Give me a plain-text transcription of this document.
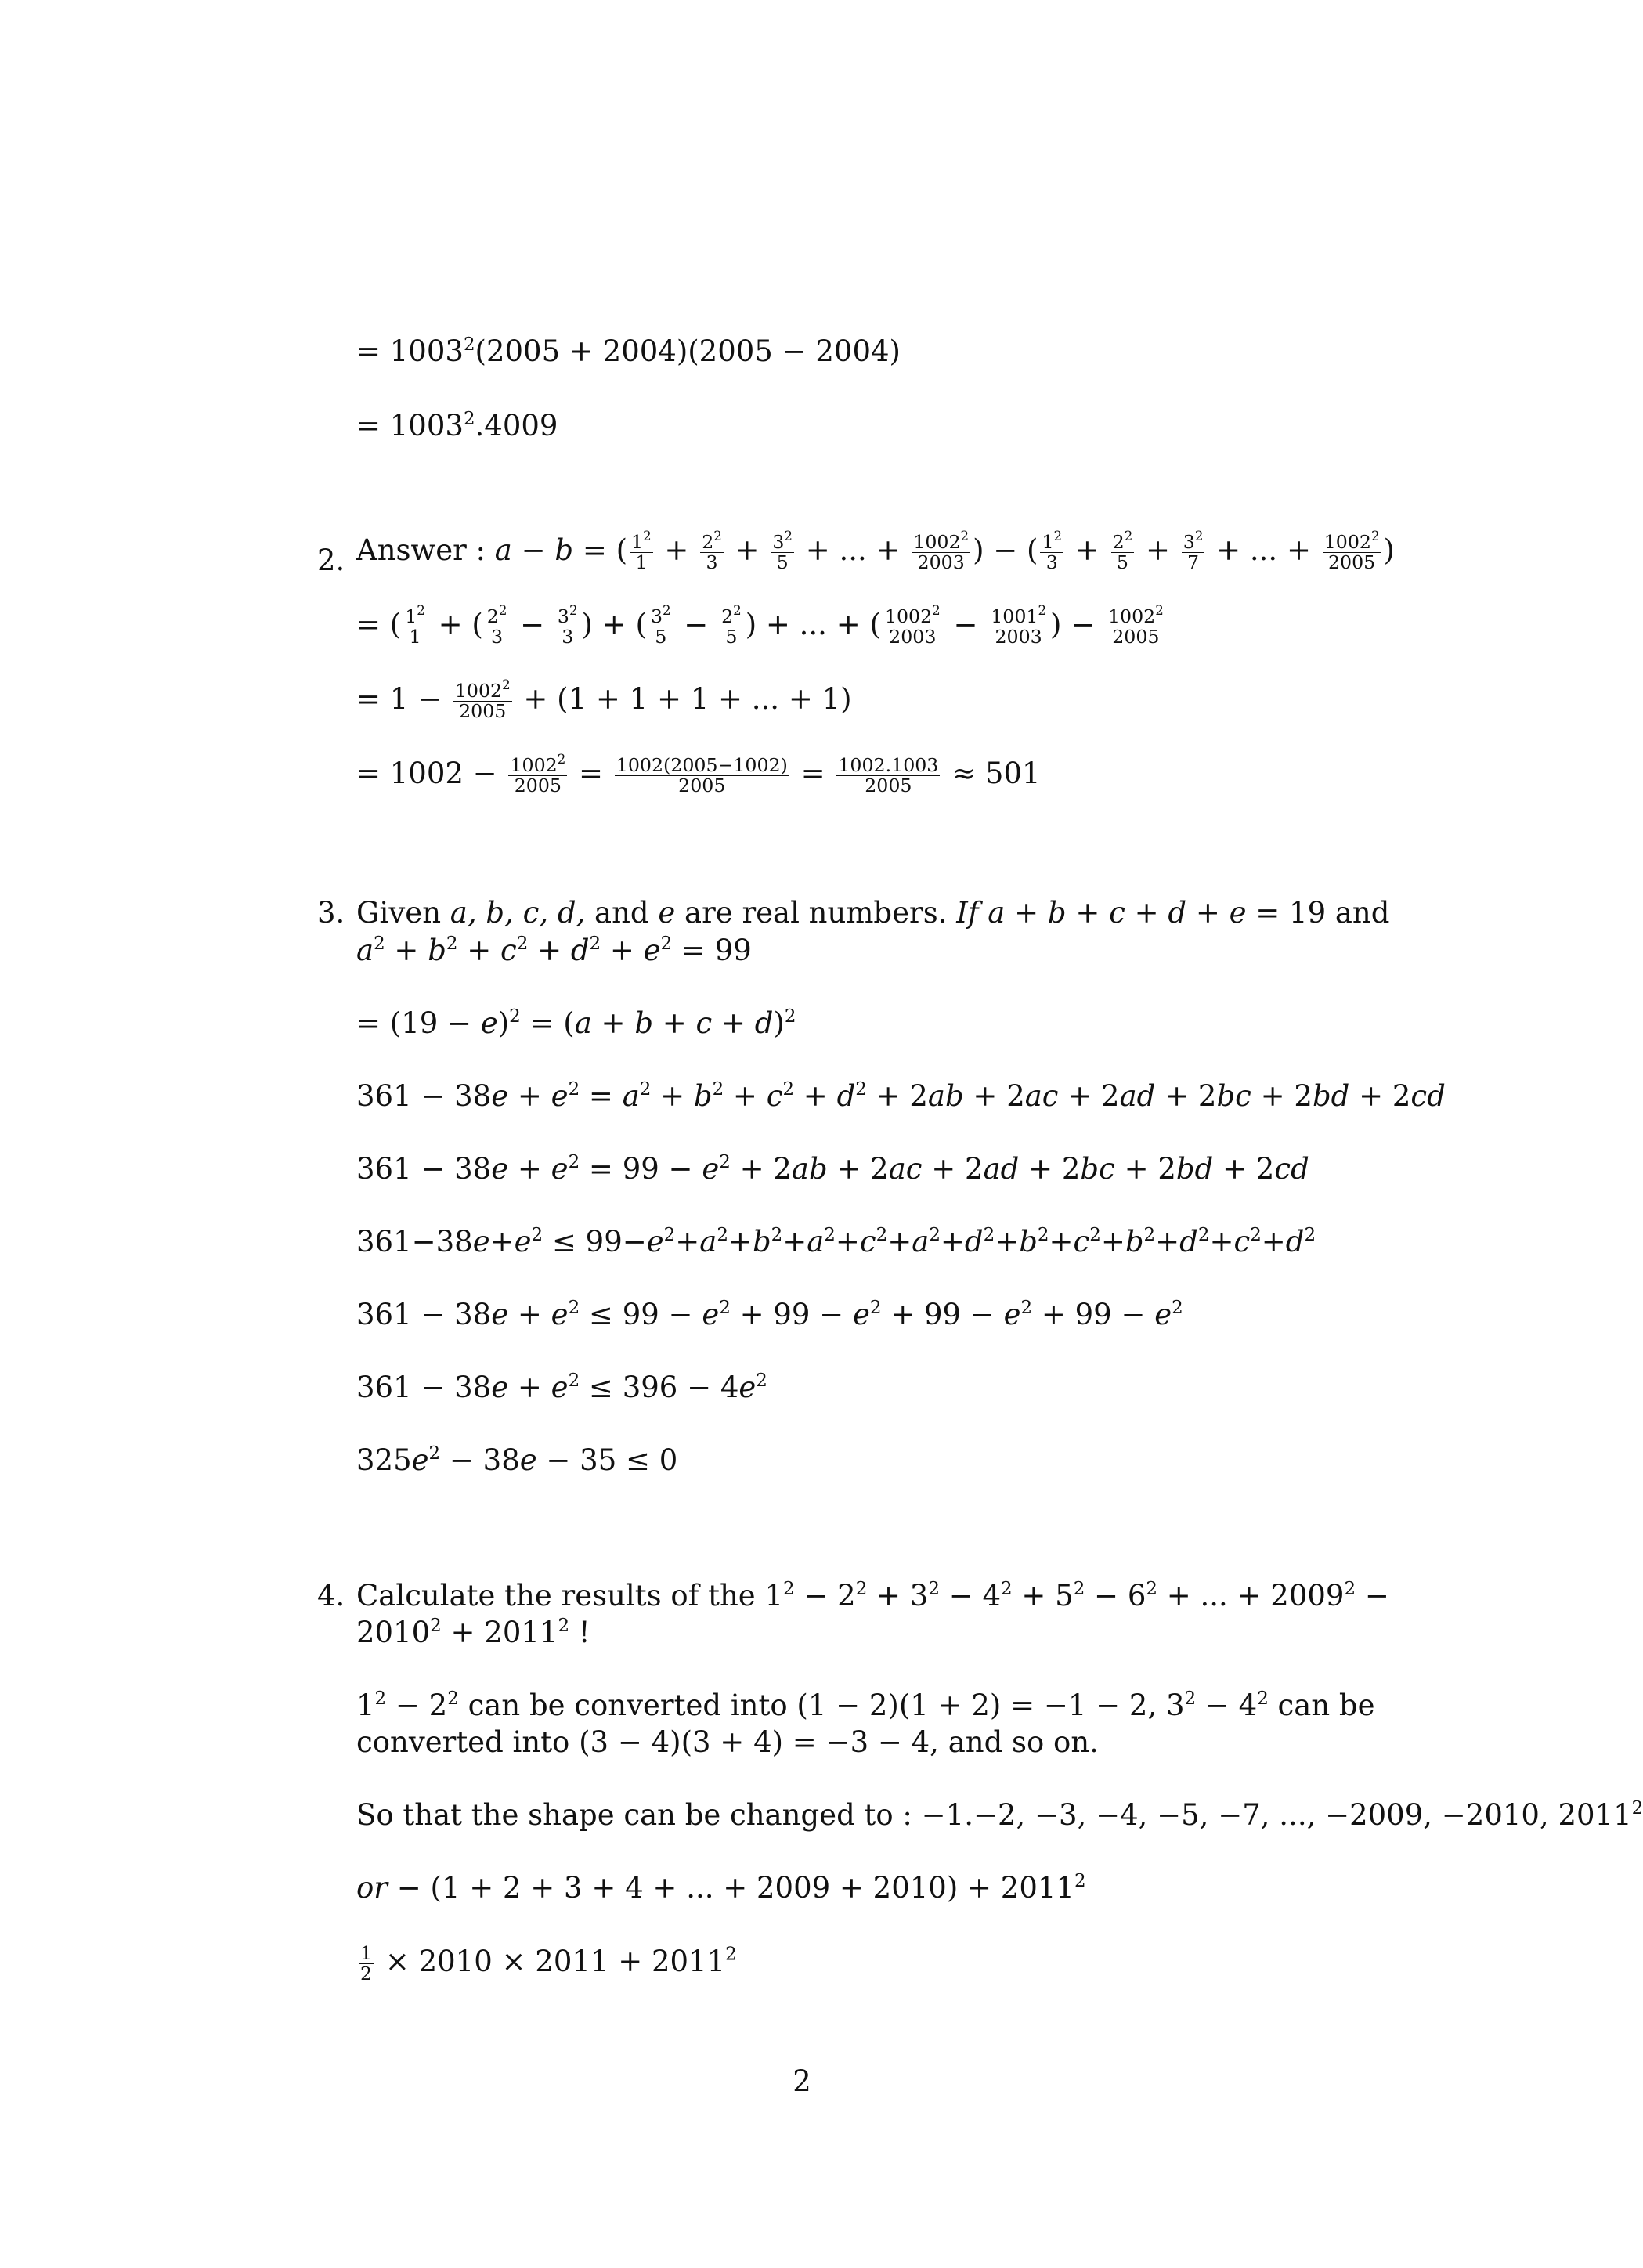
= $1003^2(2005 + 2004)(2005 - 2004)$
= $1003^2.4009$
2. Answer : a − b = ( $\frac{1^2}{1} + \frac{2^2}{3} + \frac{3^2}{5}$ + ... + $\frac{1002^2}{2003}$ ) − ( $\frac{1^2}{3} + \frac{2^2}{5} + \frac{3^2}{7}$ + ... + $\frac{1002^2}{2005}$ )
= ( $\frac{1^2}{1}$ + ( $\frac{2^2}{3} - \frac{3^2}{3}$ ) + ( $\frac{3^2}{5} - \frac{2^2}{5}$ ) + ... + ( $\frac{1002^2}{2003} - \frac{1001^2}{2003}$ ) − $\frac{1002^2}{2005}$
= $1 - \frac{1002^2}{2005} + (1 + 1 + 1$ + ... + 1)
= $1002 - \frac{1002^2}{2005} = \frac{1002(2005-1002)}{2005} = \frac{1002.1003}{2005} \approx 501$
3. Given a, b, c, d, and e are real numbers. If a + b + c + d + e = 19 and
$a^2 + b^2 + c^2 + d^2 + e^2 = 99$
= $(19 - e)^2 = (a + b + c + d)^2$
$361 - 38e + e^2 = a^2 + b^2 + c^2 + d^2 + 2ab + 2ac + 2ad + 2bc + 2bd + 2cd$
$361 - 38e + e^2 = 99 - e^2 + 2ab + 2ac + 2ad + 2bc + 2bd + 2cd$
$361-38e+e^2 \le 99-e^2+a^2+b^2+a^2+c^2+a^2+d^2+b^2+c^2+b^2+d^2+c^2+d^2$
$361 - 38e + e^2 \le 99 - e^2 + 99 - e^2 + 99 - e^2 + 99 - e^2$
$361 - 38e + e^2 \le 396 - 4e^2$
$325e^2 - 38e - 35 \le 0$
4. Calculate the results of the $1^2 - 2^2 + 3^2 - 4^2 + 5^2 - 6^2$ + ... + $2009^2$ −
$2010^2 + 2011^2$ !
$1^2 - 2^2$ can be converted into (1 − 2)(1 + 2) = −1 − 2, $3^2 - 4^2$ can be
converted into (3 − 4)(3 + 4) = −3 − 4, and so on.
So that the shape can be changed to : −1.−2, −3, −4, −5, −7, ..., −2009, −2010, 2011$^2$
or − (1 + 2 + 3 + 4 + ... + $2009 + 2010) + 2011^2$
$\frac{1}{2} \times 2010 \times 2011 + 2011^2$
2
